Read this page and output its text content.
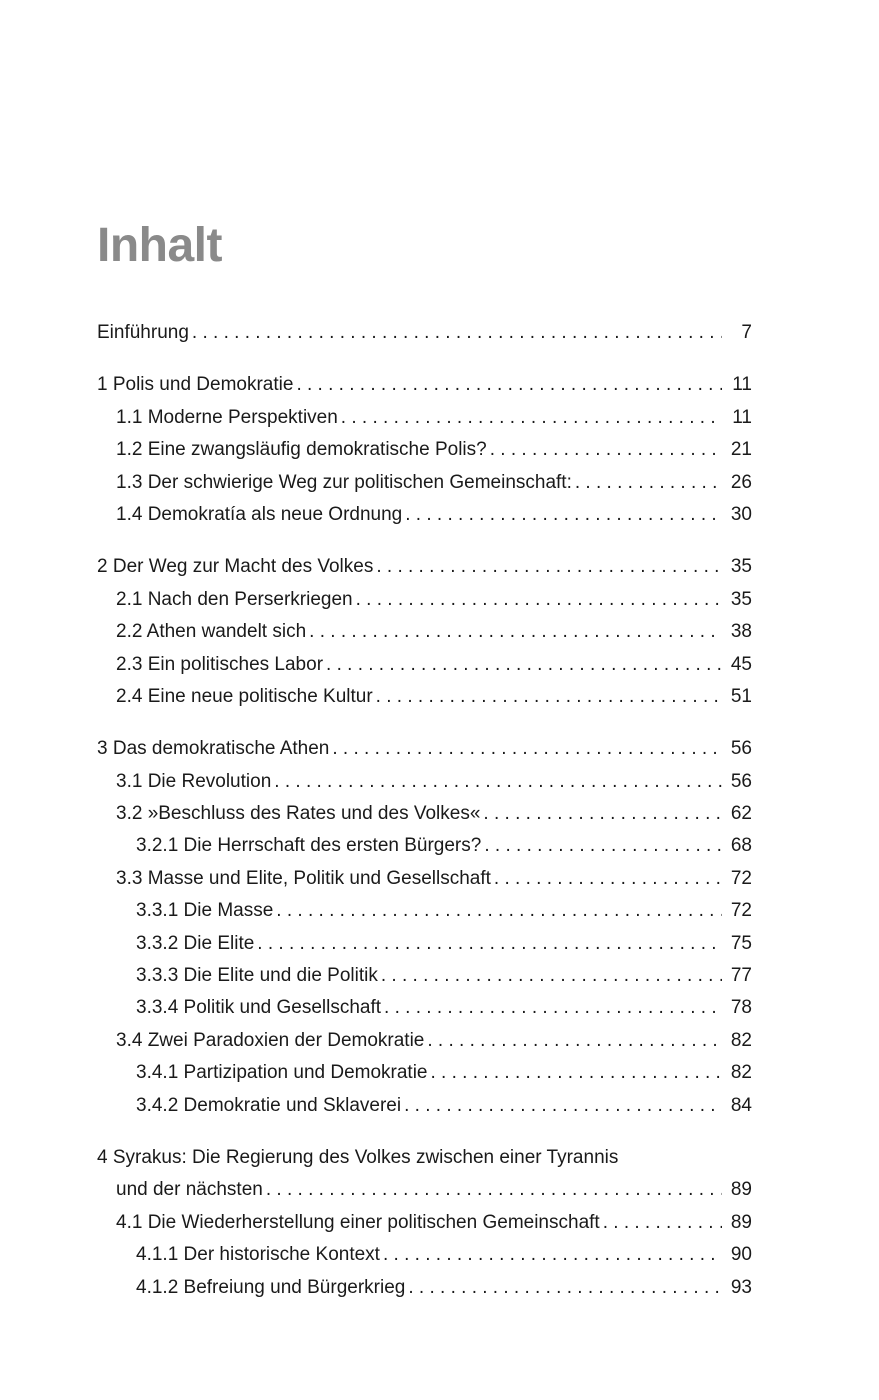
Inhalt
Einführung . . .	7
1 Polis und Demokratie . . .	11
1.1 Moderne Perspektiven . . .	11
1.2 Eine zwangsläufig demokratische Polis? . . .	21
1.3 Der schwierige Weg zur politischen Gemeinschaft: . . .	26
1.4 Demokratía als neue Ordnung . . .	30
2 Der Weg zur Macht des Volkes . . .	35
2.1 Nach den Perserkriegen . . .	35
2.2 Athen wandelt sich . . .	38
2.3 Ein politisches Labor . . .	45
2.4 Eine neue politische Kultur . . .	51
3 Das demokratische Athen . . .	56
3.1 Die Revolution . . .	56
3.2 »Beschluss des Rates und des Volkes« . . .	62
3.2.1 Die Herrschaft des ersten Bürgers? . . .	68
3.3 Masse und Elite, Politik und Gesellschaft . . .	72
3.3.1 Die Masse . . .	72
3.3.2 Die Elite . . .	75
3.3.3 Die Elite und die Politik . . .	77
3.3.4 Politik und Gesellschaft . . .	78
3.4 Zwei Paradoxien der Demokratie . . .	82
3.4.1 Partizipation und Demokratie . . .	82
3.4.2 Demokratie und Sklaverei . . .	84
4 Syrakus: Die Regierung des Volkes zwischen einer Tyrannis
und der nächsten . . .	89
4.1 Die Wiederherstellung einer politischen Gemeinschaft . . .	89
4.1.1 Der historische Kontext . . .	90
4.1.2 Befreiung und Bürgerkrieg . . .	93
